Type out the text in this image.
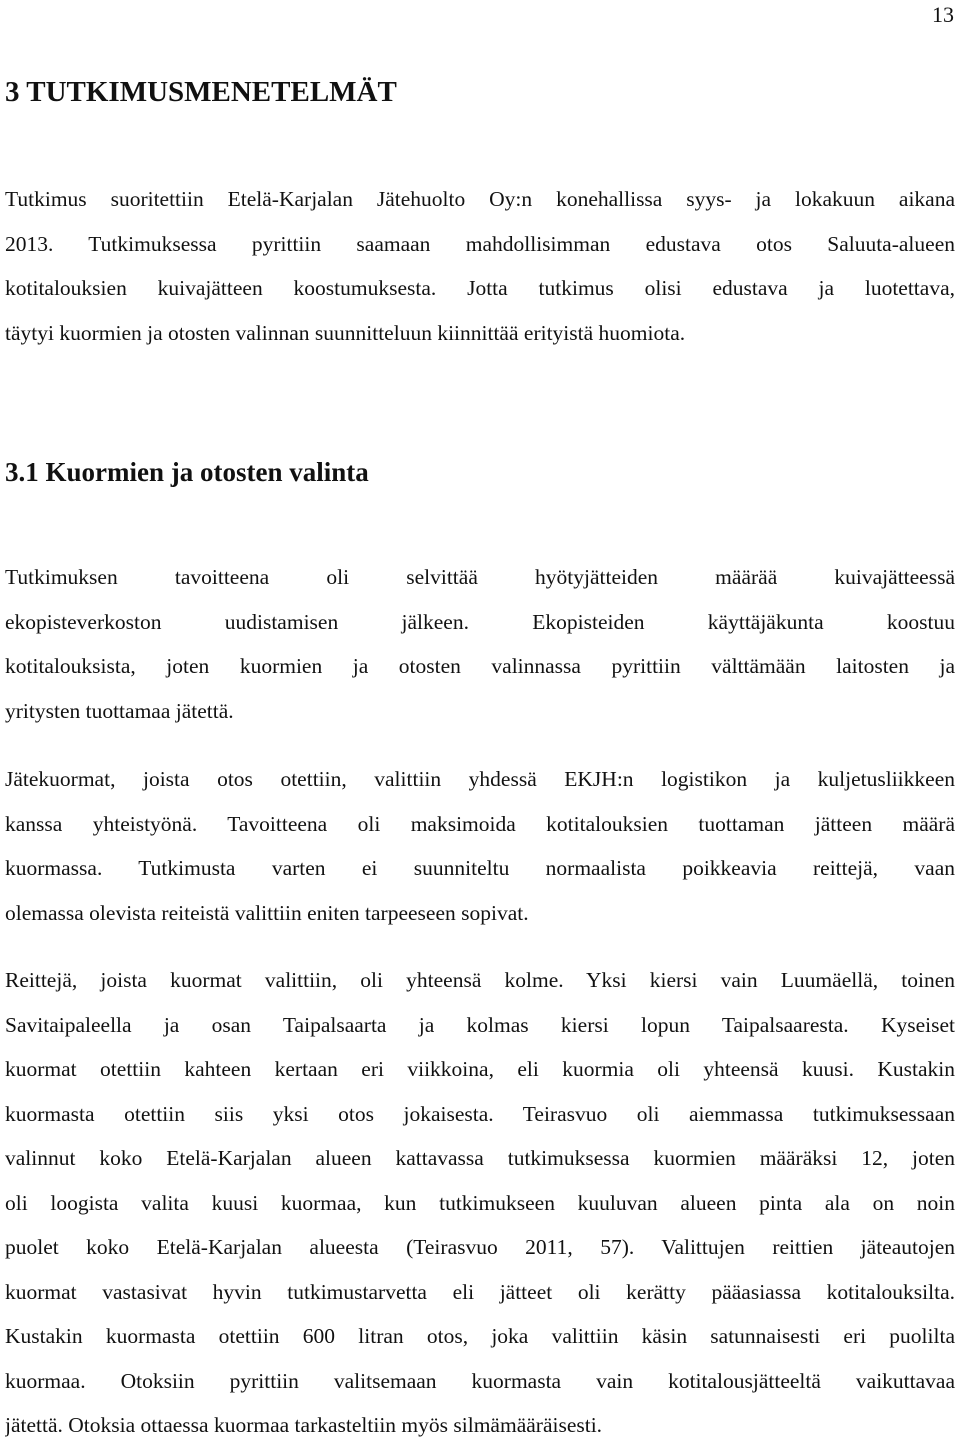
13
3 TUTKIMUSMENETELMÄT
Tutkimus suoritettiin Etelä-Karjalan Jätehuolto Oy:n konehallissa syys- ja lokakuun aikana
2013. Tutkimuksessa pyrittiin saamaan mahdollisimman edustava otos Saluuta-alueen
kotitalouksien kuivajätteen koostumuksesta. Jotta tutkimus olisi edustava ja luotettava,
täytyi kuormien ja otosten valinnan suunnitteluun kiinnittää erityistä huomiota.
3.1 Kuormien ja otosten valinta
Tutkimuksen tavoitteena oli selvittää hyötyjätteiden määrää kuivajätteessä
ekopisteverkoston uudistamisen jälkeen. Ekopisteiden käyttäjäkunta koostuu
kotitalouksista, joten kuormien ja otosten valinnassa pyrittiin välttämään laitosten ja
yritysten tuottamaa jätettä.
Jätekuormat, joista otos otettiin, valittiin yhdessä EKJH:n logistikon ja kuljetusliikkeen
kanssa yhteistyönä. Tavoitteena oli maksimoida kotitalouksien tuottaman jätteen määrä
kuormassa. Tutkimusta varten ei suunniteltu normaalista poikkeavia reittejä, vaan
olemassa olevista reiteistä valittiin eniten tarpeeseen sopivat.
Reittejä, joista kuormat valittiin, oli yhteensä kolme. Yksi kiersi vain Luumäellä, toinen
Savitaipaleella ja osan Taipalsaarta ja kolmas kiersi lopun Taipalsaaresta. Kyseiset
kuormat otettiin kahteen kertaan eri viikkoina, eli kuormia oli yhteensä kuusi. Kustakin
kuormasta otettiin siis yksi otos jokaisesta. Teirasvuo oli aiemmassa tutkimuksessaan
valinnut koko Etelä-Karjalan alueen kattavassa tutkimuksessa kuormien määräksi 12, joten
oli loogista valita kuusi kuormaa, kun tutkimukseen kuuluvan alueen pinta ala on noin
puolet koko Etelä-Karjalan alueesta (Teirasvuo 2011, 57). Valittujen reittien jäteautojen
kuormat vastasivat hyvin tutkimustarvetta eli jätteet oli kerätty pääasiassa kotitalouksilta.
Kustakin kuormasta otettiin 600 litran otos, joka valittiin käsin satunnaisesti eri puolilta
kuormaa. Otoksiin pyrittiin valitsemaan kuormasta vain kotitalousjätteeltä vaikuttavaa
jätettä. Otoksia ottaessa kuormaa tarkasteltiin myös silmämääräisesti.
